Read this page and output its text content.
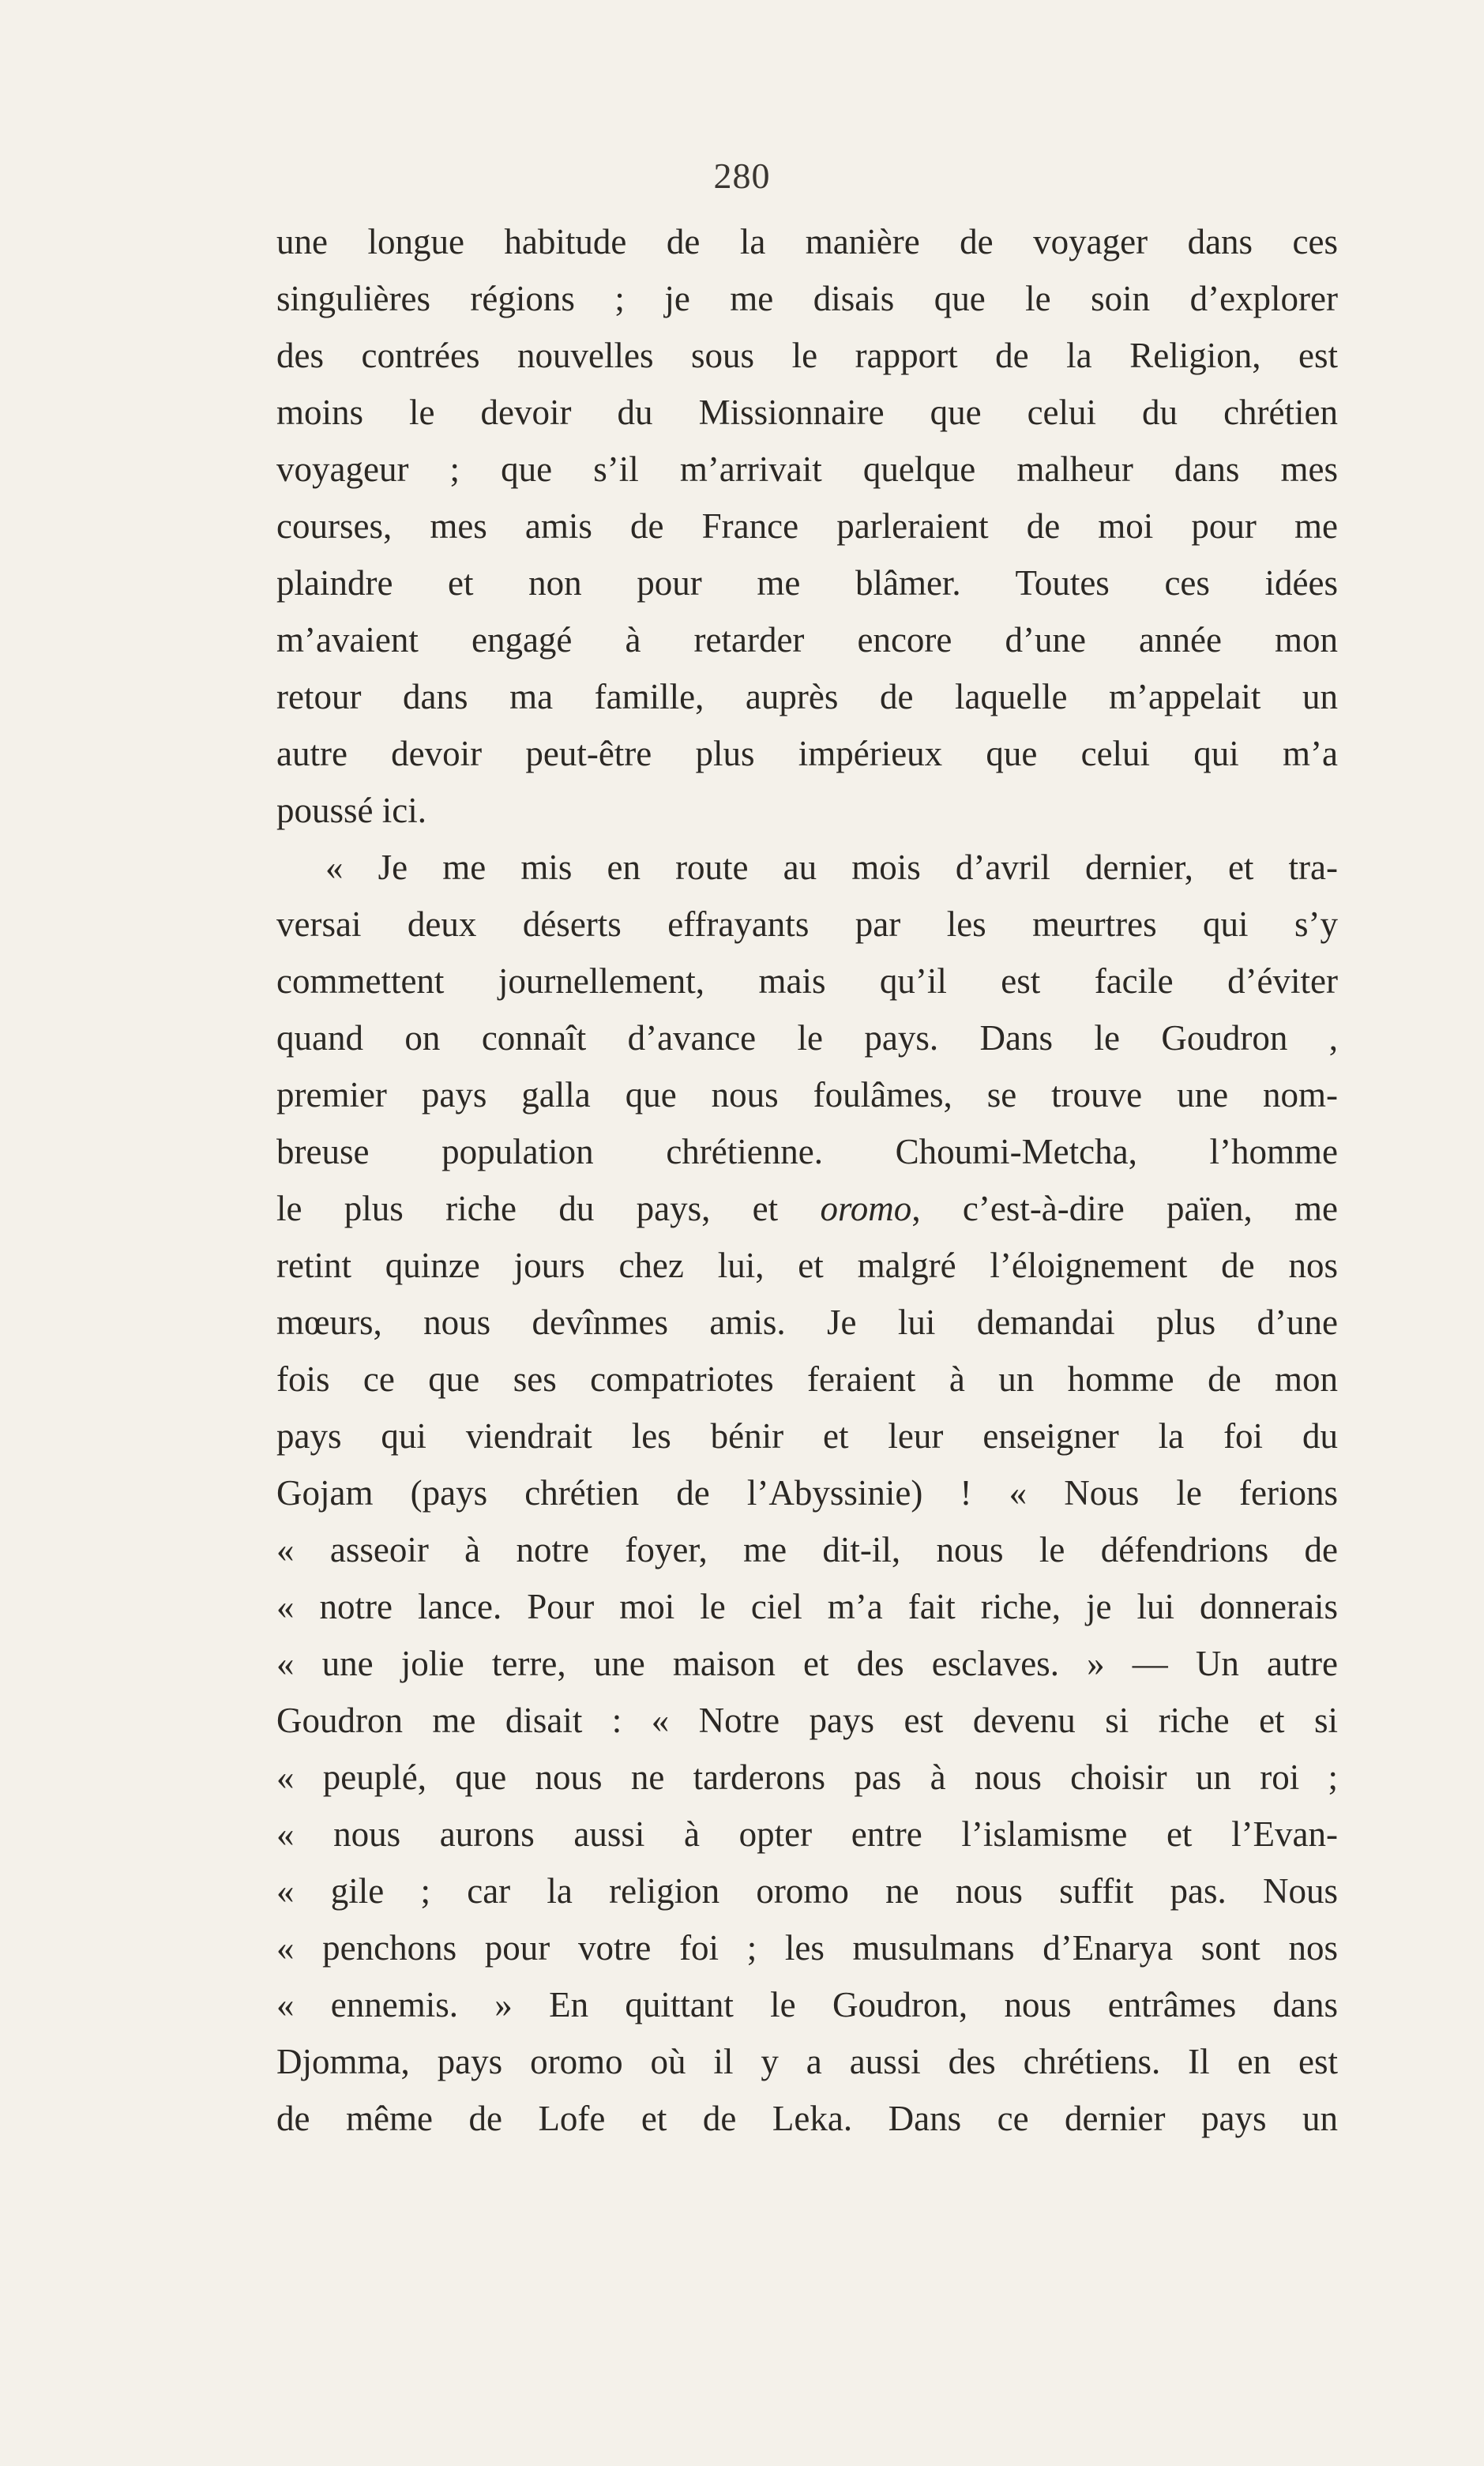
280
une longue habitude de la manière de voyager dans ces
singulières régions ; je me disais que le soin d’explorer
des contrées nouvelles sous le rapport de la Religion, est
moins le devoir du Missionnaire que celui du chrétien
voyageur ; que s’il m’arrivait quelque malheur dans mes
courses, mes amis de France parleraient de moi pour me
plaindre et non pour me blâmer. Toutes ces idées
m’avaient engagé à retarder encore d’une année mon
retour dans ma famille, auprès de laquelle m’appelait un
autre devoir peut-être plus impérieux que celui qui m’a
poussé ici.
« Je me mis en route au mois d’avril dernier, et tra-
versai deux déserts effrayants par les meurtres qui s’y
commettent journellement, mais qu’il est facile d’éviter
quand on connaît d’avance le pays. Dans le Goudron ,
premier pays galla que nous foulâmes, se trouve une nom-
breuse population chrétienne. Choumi-Metcha, l’homme
le plus riche du pays, et oromo, c’est-à-dire païen, me
retint quinze jours chez lui, et malgré l’éloignement de nos
mœurs, nous devînmes amis. Je lui demandai plus d’une
fois ce que ses compatriotes feraient à un homme de mon
pays qui viendrait les bénir et leur enseigner la foi du
Gojam (pays chrétien de l’Abyssinie) ! « Nous le ferions
« asseoir à notre foyer, me dit-il, nous le défendrions de
« notre lance. Pour moi le ciel m’a fait riche, je lui donnerais
« une jolie terre, une maison et des esclaves. » — Un autre
Goudron me disait : « Notre pays est devenu si riche et si
« peuplé, que nous ne tarderons pas à nous choisir un roi ;
« nous aurons aussi à opter entre l’islamisme et l’Evan-
« gile ; car la religion oromo ne nous suffit pas. Nous
« penchons pour votre foi ; les musulmans d’Enarya sont nos
« ennemis. » En quittant le Goudron, nous entrâmes dans
Djomma, pays oromo où il y a aussi des chrétiens. Il en est
de même de Lofe et de Leka. Dans ce dernier pays un
